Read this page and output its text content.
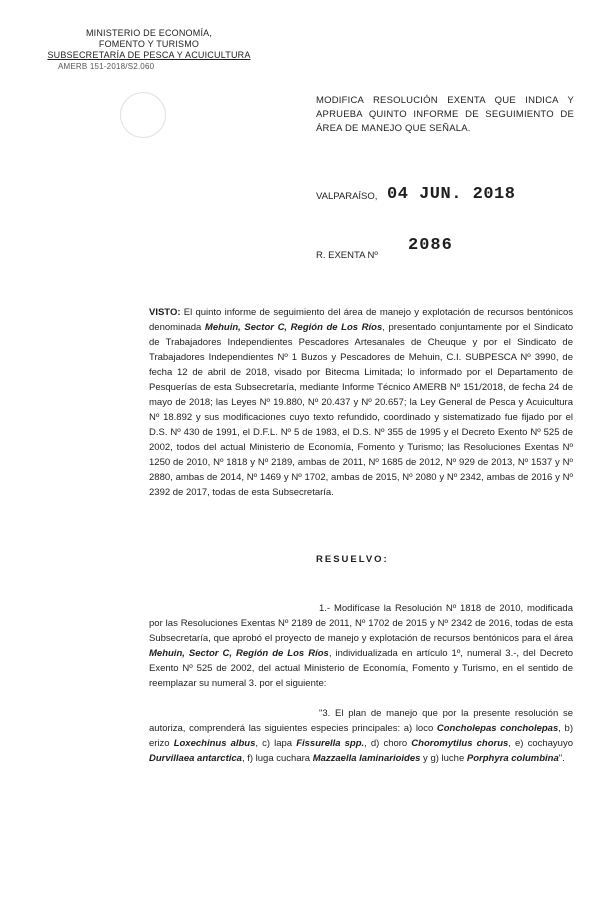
MINISTERIO DE ECONOMÍA,
FOMENTO Y TURISMO
SUBSECRETARÍA DE PESCA Y ACUICULTURA
AMERB 151-2018/S2.060
MODIFICA RESOLUCIÓN EXENTA QUE INDICA Y APRUEBA QUINTO INFORME DE SEGUIMIENTO DE ÁREA DE MANEJO QUE SEÑALA.
VALPARAÍSO, 04 JUN. 2018
R. EXENTA Nº
2086
VISTO: El quinto informe de seguimiento del área de manejo y explotación de recursos bentónicos denominada Mehuin, Sector C, Región de Los Ríos, presentado conjuntamente por el Sindicato de Trabajadores Independientes Pescadores Artesanales de Cheuque y por el Sindicato de Trabajadores Independientes Nº 1 Buzos y Pescadores de Mehuin, C.I. SUBPESCA Nº 3990, de fecha 12 de abril de 2018, visado por Bitecma Limitada; lo informado por el Departamento de Pesquerías de esta Subsecretaría, mediante Informe Técnico AMERB Nº 151/2018, de fecha 24 de mayo de 2018; las Leyes Nº 19.880, Nº 20.437 y Nº 20.657; la Ley General de Pesca y Acuicultura Nº 18.892 y sus modificaciones cuyo texto refundido, coordinado y sistematizado fue fijado por el D.S. Nº 430 de 1991, el D.F.L. Nº 5 de 1983, el D.S. Nº 355 de 1995 y el Decreto Exento Nº 525 de 2002, todos del actual Ministerio de Economía, Fomento y Turismo; las Resoluciones Exentas Nº 1250 de 2010, Nº 1818 y Nº 2189, ambas de 2011, Nº 1685 de 2012, Nº 929 de 2013, Nº 1537 y Nº 2880, ambas de 2014, Nº 1469 y Nº 1702, ambas de 2015, Nº 2080 y Nº 2342, ambas de 2016 y Nº 2392 de 2017, todas de esta Subsecretaría.
RESUELVO:
1.- Modifícase la Resolución Nº 1818 de 2010, modificada por las Resoluciones Exentas Nº 2189 de 2011, Nº 1702 de 2015 y Nº 2342 de 2016, todas de esta Subsecretaría, que aprobó el proyecto de manejo y explotación de recursos bentónicos para el área Mehuin, Sector C, Región de Los Ríos, individualizada en artículo 1º, numeral 3.-, del Decreto Exento Nº 525 de 2002, del actual Ministerio de Economía, Fomento y Turismo, en el sentido de reemplazar su numeral 3. por el siguiente:
"3. El plan de manejo que por la presente resolución se autoriza, comprenderá las siguientes especies principales: a) loco Concholepas concholepas, b) erizo Loxechinus albus, c) lapa Fissurella spp., d) choro Choromytilus chorus, e) cochayuyo Durvillaea antarctica, f) luga cuchara Mazzaella laminarioides y g) luche Porphyra columbina".
